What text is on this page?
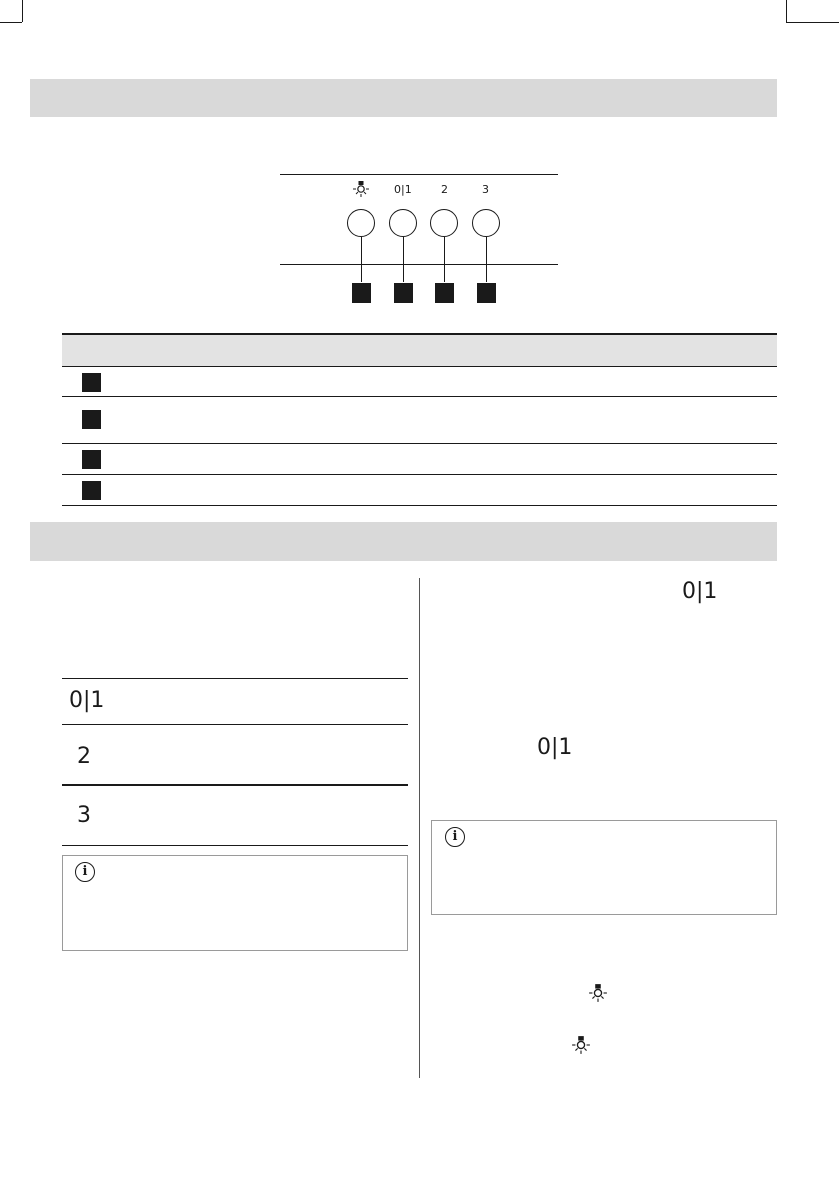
0|1	2	3
0|1
2
3
i
0|1
0|1
i
